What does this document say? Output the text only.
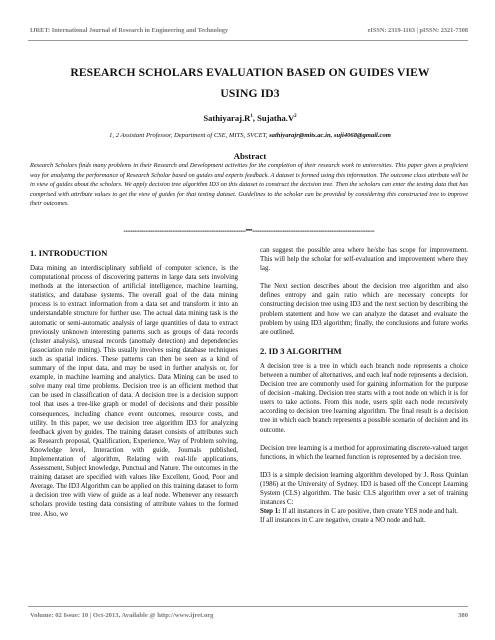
IJRET: International Journal of Research in Engineering and Technology	eISSN: 2319-1163 | pISSN: 2321-7308
RESEARCH SCHOLARS EVALUATION BASED ON GUIDES VIEW
USING ID3
$Sathiyaraj.R^1$, $Sujatha.V^2$
1, 2 Assistant Professor, Department of CSE, MITS, SVCET, sathiyarajr@mits.ac.in, suji4068@gmail.com
Abstract
Research Scholars finds many problems in their Research and Development activities for the completion of their research work in universities. This paper gives a proficient way for analyzing the performance of Research Scholar based on guides and experts feedback. A dataset is formed using this information. The outcome class attribute will be in view of guides about the scholars. We apply decision tree algorithm ID3 on this dataset to construct the decision tree. Then the scholars can enter the testing data that has comprised with attribute values to get the view of guides for that testing dataset. Guidelines to the scholar can be provided by considering this constructed tree to improve their outcomes.
--------------------------------------------------------------------***--------------------------------------------------------------------
1. INTRODUCTION

Data mining an interdisciplinary subfield of computer science, is the computational process of discovering patterns in large data sets involving methods at the intersection of artificial intelligence, machine learning, statistics, and database systems. The overall goal of the data mining process is to extract information from a data set and transform it into an understandable structure for further use. The actual data mining task is the automatic or semi-automatic analysis of large quantities of data to extract previously unknown interesting patterns such as groups of data records (cluster analysis), unusual records (anomaly detection) and dependencies (association rule mining). This usually involves using database techniques such as spatial indices. These patterns can then be seen as a kind of summary of the input data, and may be used in further analysis or, for example, in machine learning and analytics. Data Mining can be used to solve many real time problems. Decision tree is an efficient method that can be used in classification of data. A decision tree is a decision support tool that uses a tree-like graph or model of decisions and their possible consequences, including chance event outcomes, resource costs, and utility. In this paper, we use decision tree algorithm ID3 for analyzing feedback given by guides. The training dataset consists of attributes such as Research proposal, Qualification, Experience, Way of Problem solving, Knowledge level, Interaction with guide, Journals published, Implementation of algorithm, Relating with real-life applications, Assessment, Subject knowledge, Punctual and Nature. The outcomes in the training dataset are specified with values like Excellent, Good, Poor and Average. The ID3 Algorithm can be applied on this training dataset to form a decision tree with view of guide as a leaf node. Whenever any research scholars provide testing data consisting of attribute values to the formed tree. Also, we

can suggest the possible area where he/she has scope for improvement. This will help the scholar for self-evaluation and improvement where they lag.

The Next section describes about the decision tree algorithm and also defines entropy and gain ratio which are necessary concepts for constructing decision tree using ID3 and the next section by describing the problem statement and how we can analyze the dataset and evaluate the problem by using ID3 algorithm; finally, the conclusions and future works are outlined.

2. ID 3 ALGORITHM

A decision tree is a tree in which each branch node represents a choice between a number of alternatives, and each leaf node represents a decision. Decision tree are commonly used for gaining information for the purpose of decision -making. Decision tree starts with a root node on which it is for users to take actions. From this node, users split each node recursively according to decision tree learning algorithm. The final result is a decision tree in which each branch represents a possible scenario of decision and its outcome.

Decision tree learning is a method for approximating discrete-valued target functions, in which the learned function is represented by a decision tree.

ID3 is a simple decision learning algorithm developed by J. Ross Quinlan (1986) at the University of Sydney. ID3 is based off the Concept Learning System (CLS) algorithm. The basic CLS algorithm over a set of training instances C:

Step 1: If all instances in C are positive, then create YES node and halt.

If all instances in C are negative, create a NO node and halt.

Volume: 02 Issue: 10 | Oct-2013, Available @ http://www.ijret.org	380
